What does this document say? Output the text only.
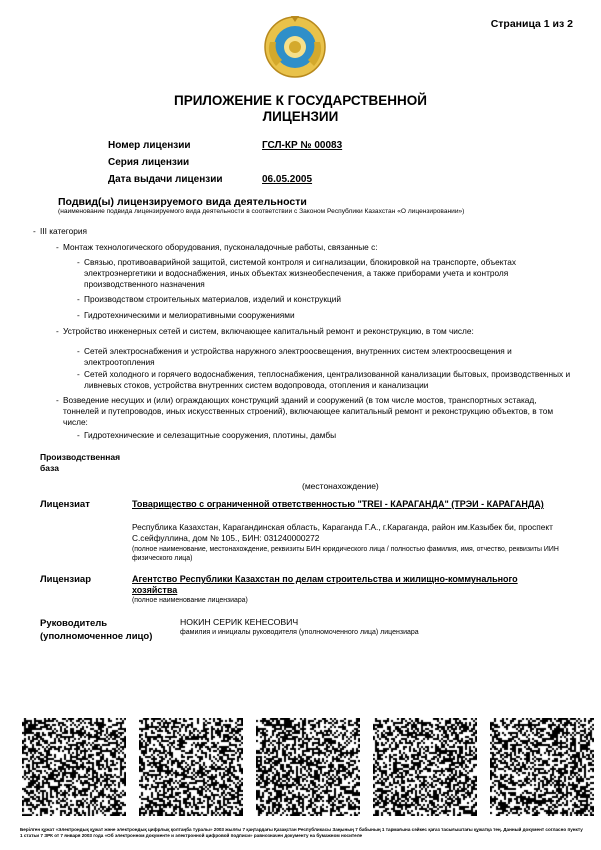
Страница 1 из 2
ПРИЛОЖЕНИЕ К ГОСУДАРСТВЕННОЙ
ЛИЦЕНЗИИ
Номер лицензии	ГСЛ-КР № 00083
Серия лицензии
Дата выдачи лицензии	06.05.2005
Подвид(ы) лицензируемого вида деятельности
(наименование подвида лицензируемого вида деятельности в соответствии с Законом Республики Казахстан «О лицензировании»)
- III категория
- Монтаж технологического оборудования, пусконаладочные работы, связанные с:
- Связью, противоаварийной защитой, системой контроля и сигнализации, блокировкой на транспорте, объектах электроэнергетики и водоснабжения, иных объектах жизнеобеспечения, а также приборами учета и контроля производственного назначения
- Производством строительных материалов, изделий и конструкций
- Гидротехническими и мелиоративными сооружениями
- Устройство инженерных сетей и систем, включающее капитальный ремонт и реконструкцию, в том числе:
- Сетей электроснабжения и устройства наружного электроосвещения, внутренних систем электроосвещения и электроотопления
- Сетей холодного и горячего водоснабжения, теплоснабжения, централизованной канализации бытовых, производственных и ливневых стоков, устройства внутренних систем водопровода, отопления и канализации
- Возведение несущих и (или) ограждающих конструкций зданий и сооружений (в том числе мостов, транспортных эстакад, тоннелей и путепроводов, иных искусственных строений), включающее капитальный ремонт и реконструкцию объектов, в том числе:
- Гидротехнические и селезащитные сооружения, плотины, дамбы
Производственная база
(местонахождение)
Лицензиат	Товарищество с ограниченной ответственностью "TREI - КАРАГАНДА" (ТРЭИ - КАРАГАНДА)
Республика Казахстан, Карагандинская область, Караганда Г.А., г.Караганда, район им.Казыбек би, проспект С.сейфуллина, дом № 105., БИН: 031240000272
(полное наименование, местонахождение, реквизиты БИН юридического лица / полностью фамилия, имя, отчество, реквизиты ИИН физического лица)
Лицензиар	Агентство Республики Казахстан по делам строительства и жилищно-коммунального хозяйства
(полное наименование лицензиара)
Руководитель
(уполномоченное лицо)
НОКИН СЕРИК КЕНЕСОВИЧ
фамилия и инициалы руководителя (уполномоченного лица) лицензиара
Берілген құжат «Электрондық құжат және электрондық цифрлық қолтаңба туралы» 2003 жылғы 7 қаңтардағы Қазақстан Республикасы Заңының 7 бабының 1 тармағына сәйкес қағаз тасығыштағы құжатқа тең. Данный документ согласно пункту 1 статьи 7 ЗРК от 7 января 2003 года «Об электронном документе и электронной цифровой подписи» равнозначен документу на бумажном носителе
